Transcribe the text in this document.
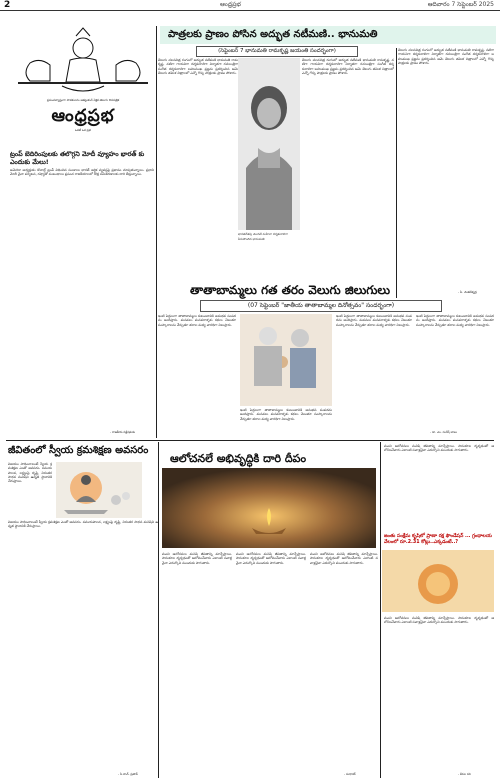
2	ఆంధ్రప్రభ	ఆదివారం 7 సెప్టెంబర్ 2025
ప్రపంచవ్యాప్తంగా పాఠకులను ఆకట్టుకునే ఏకైక తెలుగు దినపత్రిక
ఆంధ్రప్రభ
ఒకటే ఒక ప్రభ
పాత్రలకు ప్రాణం పోసిన అద్భుత నటీమణి.. భానుమతి
(సెప్టెంబర్ 7 భానుమతి రామకృష్ణ జయంతి సందర్భంగా)
తెలుగు చలనచిత్ర రంగంలో అద్భుత నటీమణి భానుమతి రామకృష్ణ. నటిగా గాయనిగా దర్శకురాలిగా నిర్మాతగా రచయిత్రిగా సంగీత దర్శకురాలిగా బహుముఖ ప్రజ్ఞను ప్రదర్శించిన ఆమె తెలుగు తమిళ చిత్రాలలో ఎన్నో గొప్ప పాత్రలకు ప్రాణం పోశారు.
భారతదేశపు మొదటి మహిళా దర్శకురాలిగా పేరుపొందిన భానుమతి
తెలుగు చలనచిత్ర రంగంలో అద్భుత నటీమణి భానుమతి రామకృష్ణ. నటిగా గాయనిగా దర్శకురాలిగా నిర్మాతగా రచయిత్రిగా సంగీత దర్శకురాలిగా బహుముఖ ప్రజ్ఞను ప్రదర్శించిన ఆమె తెలుగు తమిళ చిత్రాలలో ఎన్నో గొప్ప పాత్రలకు ప్రాణం పోశారు.
తెలుగు చలనచిత్ర రంగంలో అద్భుత నటీమణి భానుమతి రామకృష్ణ. నటిగా గాయనిగా దర్శకురాలిగా నిర్మాతగా రచయిత్రిగా సంగీత దర్శకురాలిగా బహుముఖ ప్రజ్ఞను ప్రదర్శించిన ఆమె తెలుగు తమిళ చిత్రాలలో ఎన్నో గొప్ప పాత్రలకు ప్రాణం పోశారు.
- పి. వెంకటేశ్వర్లు
ట్రంప్ బెదిరింపులకు తలొగ్గని మోదీ వ్యూహం భారత్ కు ఎందుకు మేలు!
అమెరికా అధ్యక్షుడు డొనాల్డ్ ట్రంప్ విధించిన సుంకాలు భారత్ ఆర్థిక వ్యవస్థపై ప్రభావం చూపుతున్నాయి. ప్రధాని మోదీ చైనా పర్యటన, రష్యాతో సంబంధాలు ప్రపంచ రాజకీయాలలో కొత్త సమీకరణాలకు దారి తీస్తున్నాయి.
- రాజకీయ విశ్లేషకుడు
తాతాబామ్మలు గత తరం వెలుగు జిలుగులు
(07 సెప్టెంబర్ "జాతీయ తాతాబామ్మల దినోత్సవం" సందర్భంగా)
ఇంటి పెద్దలుగా తాతాబామ్మలు కుటుంబానికి అనుభవ సంపదను అందిస్తారు. మనవలు మనవరాళ్ళకు కథలు చెబుతూ సంస్కారాలను నేర్పుతూ తరాల మధ్య వారధిగా నిలుస్తారు.
ఇంటి పెద్దలుగా తాతాబామ్మలు కుటుంబానికి అనుభవ సంపదను అందిస్తారు. మనవలు మనవరాళ్ళకు కథలు చెబుతూ సంస్కారాలను నేర్పుతూ తరాల మధ్య వారధిగా నిలుస్తారు.
ఇంటి పెద్దలుగా తాతాబామ్మలు కుటుంబానికి అనుభవ సంపదను అందిస్తారు. మనవలు మనవరాళ్ళకు కథలు చెబుతూ సంస్కారాలను నేర్పుతూ తరాల మధ్య వారధిగా నిలుస్తారు.
ఇంటి పెద్దలుగా తాతాబామ్మలు కుటుంబానికి అనుభవ సంపదను అందిస్తారు. మనవలు మనవరాళ్ళకు కథలు చెబుతూ సంస్కారాలను నేర్పుతూ తరాల మధ్య వారధిగా నిలుస్తారు.
- డా. ఎం. సురేష్ బాబు
జీవితంలో స్వీయ క్రమశిక్షణ అవసరం
విజయం సాధించాలంటే స్వీయ క్రమశిక్షణ ఎంతో అవసరం. సమయపాలన, లక్ష్యంపై దృష్టి, నిరంతర సాధన మనిషిని ఉన్నత స్థానానికి చేరుస్తాయి.
విజయం సాధించాలంటే స్వీయ క్రమశిక్షణ ఎంతో అవసరం. సమయపాలన, లక్ష్యంపై దృష్టి, నిరంతర సాధన మనిషిని ఉన్నత స్థానానికి చేరుస్తాయి.
- సి.హెచ్. ప్రతాప్
ఆలోచనలే అభివృద్ధికి దారి దీపం
మంచి ఆలోచనలు మనిషి జీవితాన్ని మార్చేస్తాయి. సానుకూల దృక్పథంతో ఆలోచించేవారు ఎలాంటి సవాళ్లనైనా ఎదుర్కొని ముందుకు సాగుతారు.
మంచి ఆలోచనలు మనిషి జీవితాన్ని మార్చేస్తాయి. సానుకూల దృక్పథంతో ఆలోచించేవారు ఎలాంటి సవాళ్లనైనా ఎదుర్కొని ముందుకు సాగుతారు.
మంచి ఆలోచనలు మనిషి జీవితాన్ని మార్చేస్తాయి. సానుకూల దృక్పథంతో ఆలోచించేవారు ఎలాంటి సవాళ్లనైనా ఎదుర్కొని ముందుకు సాగుతారు.
- సుధాకర్
మంచి ఆలోచనలు మనిషి జీవితాన్ని మార్చేస్తాయి. సానుకూల దృక్పథంతో ఆలోచించేవారు ఎలాంటి సవాళ్లనైనా ఎదుర్కొని ముందుకు సాగుతారు.
జంతు సంక్షేమ కృషిలో ప్రాణా రక్ష ఫౌండేషన్ ... గ్రంథాలయ వేలంలో రూ.2.31 కోట్లు..ఎక్కడంటే..?
మంచి ఆలోచనలు మనిషి జీవితాన్ని మార్చేస్తాయి. సానుకూల దృక్పథంతో ఆలోచించేవారు ఎలాంటి సవాళ్లనైనా ఎదుర్కొని ముందుకు సాగుతారు.
- కేవల రవి
